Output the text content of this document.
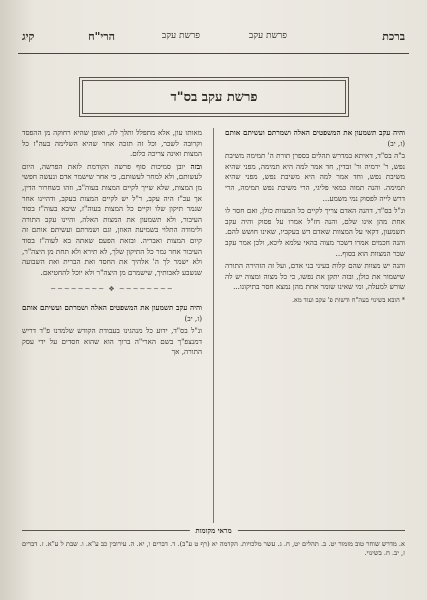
ברכת
פרשת עקב
פרשת עקב
הרי"ח
קיג
פרשת עקב בס"ד

והיה עקב תשמעון את המשפטים האלה ושמרתם ועשיתם אותם (ז, יב)

ב"ה בס"ד, דאיתא במדרש תהלים בספרן תורת ה' תמימה משיבת נפש, ר' ירמיה ור' זבדין, חד אמר למה היא תמימה, מפני שהיא משיבת נפש, וחד אמר למה היא משיבת נפש, מפני שהיא תמימה. והנה תמוה כמאי פליגי, הרי משיבת נפש תמימה, הרי דרש לייה לפסוק נמי משמע...

ונ"ל בס"ד, דהנה האדם צריך לקיים כל המצוות כולן, ואם חסר לו אחת מהן אינו שלם, והנה חז"ל אמרו על פסוק והיה עקב תשמעון, דקאי על המצוות שאדם דש בעקביו, שאינו חושש להם. והנה חכמים אמרו דשכר מצוה בהאי עלמא ליכא, ולכן אמר עקב שכר המצוות הוא בסוף...

והנה יש מצוות שהם קלות בעיני בני אדם, ועל זה הזהירה התורה שישמור את כולן, ובזה יתקן את נפשו, כי כל מצוה ומצוה יש לה שורש למעלה, ומי שאינו שומר אחת מהן נמצא חסר בתיקונו...

* הובא בשינוי בעה"ח ודשות פ' עקב ועוד מא.

מאותו עון, אלא מתפלל ותלך לה, ואופן שהיא רחוקה מן ההפסד וקרובה לשכר, וכל זה תזכה אחר שהיא השלימה בעה"ז כל המצות ואינה צריכה כלום.

ובזה יובן סמיכות סוף פרשה הקודמת לזאת הפרשה, היום לעשותם, ולא למחר לעשותם, כי אחר שישמר אדם ונעשה חפשי מן המצות, שלא שייך לקיים המצות בעוה"ב, וזהו כשחרור הדין, אך עכ"ז היה עקב, ר"ל יש לקיים המצות בעקב, ודהיינו אחר שגמר תיקון שלו וקיים כל המצות בעוה"ז, שיבא בעוה"ז בסוד העיבור, ולא תשמעון את המצות האלה, והיינו עקב התורה ולימודה התלוי בשמיעת האוזן, וגם ושמרתם ועשיתם אותם זה קיום המצות ואבריה. ובזאת הפעם שאתה בא לעוה"ז בסוד העיבור אחר גמר כל התיקון שלך, לא תירא ולא תחת מן היצה"ר, ולא ישמר לך ה' אלהיך את החסד ואת הברית ואת השבועה שנשבע לאבותיך, שישמרם מן היצה"ר ולא יוכל להחטיאם.

~~~~~~~~ ❖ ~~~~~~~~

והיה עקב תשמעון את המשפטים האלה ושמרתם ועשיתם אותם (ז, יב)

ונ"ל בס"ד, ידוע כל מנהגינו בעבודת הקודש שלמדנו פ"ד דריש דמנצפ"ך בשם הארי"ה ברוך הוא שהוא חסדים על ידי עסק התורה, אך

מראי מקומות
א. מדרש שוחר טוב מזמור יט. ב. תהלים יט, ח. ג. עשר מלכויות. הקדמה יא (רף ט ע"ב). ד. דברים ו, יא. ה. עירובין כב ע"א. ו. שבת ל ע"א. ז. דברים ז, יב. ח. בשינוי.
